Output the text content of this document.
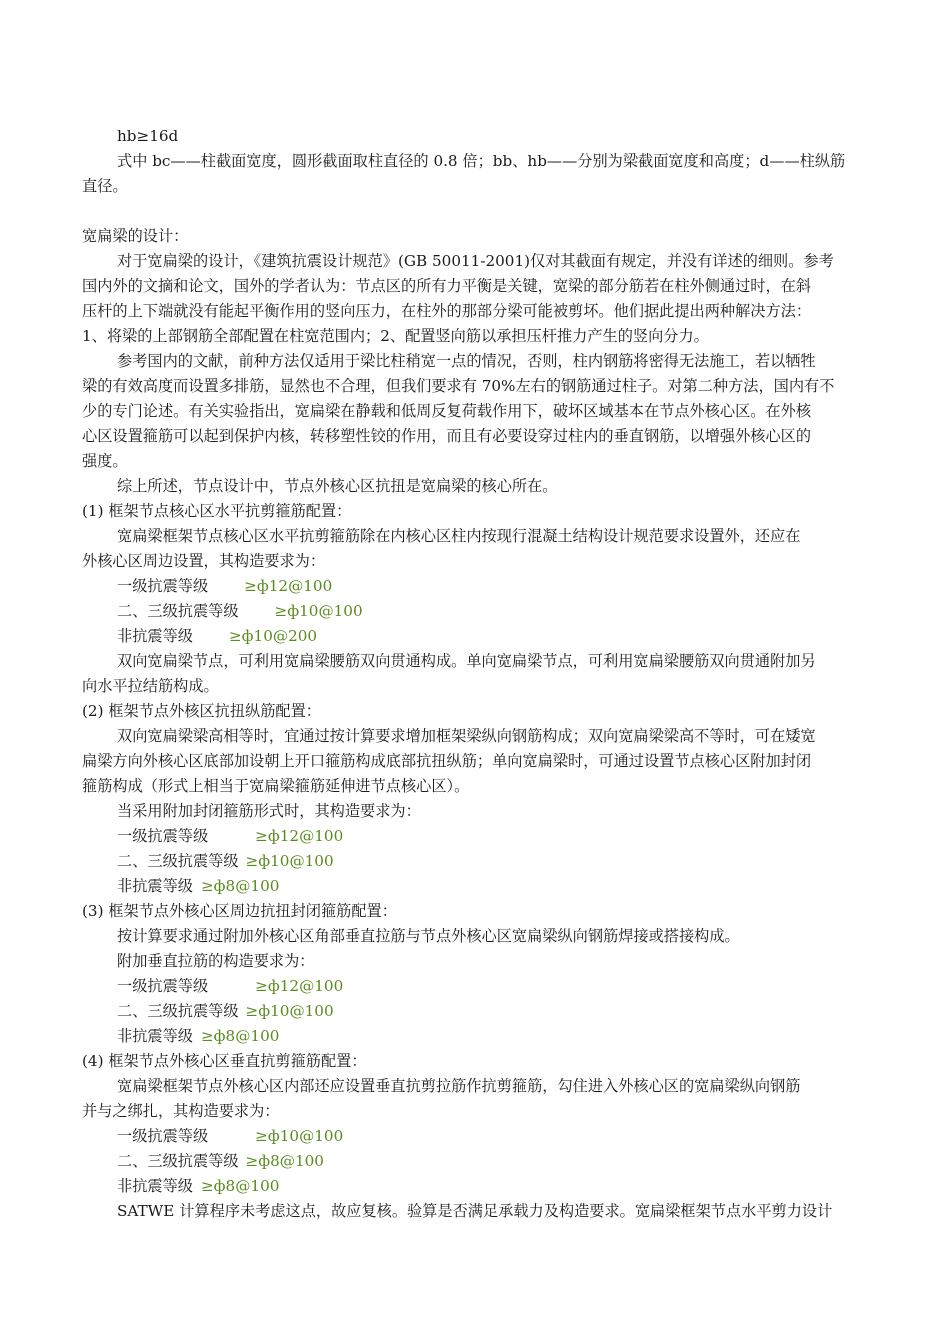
hb≥16d
式中 bc——柱截面宽度，圆形截面取柱直径的 0.8 倍；bb、hb——分别为梁截面宽度和高度；d——柱纵筋
直径。
宽扁梁的设计：
对于宽扁梁的设计，《建筑抗震设计规范》(GB 50011-2001)仅对其截面有规定，并没有详述的细则。参考
国内外的文摘和论文，国外的学者认为：节点区的所有力平衡是关键，宽梁的部分筋若在柱外侧通过时，在斜
压杆的上下端就没有能起平衡作用的竖向压力，在柱外的那部分梁可能被剪坏。他们据此提出两种解决方法：
1、将梁的上部钢筋全部配置在柱宽范围内；2、配置竖向筋以承担压杆推力产生的竖向分力。
参考国内的文献，前种方法仅适用于梁比柱稍宽一点的情况，否则，柱内钢筋将密得无法施工，若以牺牲
梁的有效高度而设置多排筋，显然也不合理，但我们要求有 70%左右的钢筋通过柱子。对第二种方法，国内有不
少的专门论述。有关实验指出，宽扁梁在静载和低周反复荷载作用下，破坏区域基本在节点外核心区。在外核
心区设置箍筋可以起到保护内核，转移塑性铰的作用，而且有必要设穿过柱内的垂直钢筋，以增强外核心区的
强度。
综上所述，节点设计中，节点外核心区抗扭是宽扁梁的核心所在。
(1) 框架节点核心区水平抗剪箍筋配置：
宽扁梁框架节点核心区水平抗剪箍筋除在内核心区柱内按现行混凝土结构设计规范要求设置外，还应在
外核心区周边设置，其构造要求为：
一级抗震等级 ≥ф12@100
二、三级抗震等级 ≥ф10@100
非抗震等级 ≥ф10@200
双向宽扁梁节点，可利用宽扁梁腰筋双向贯通构成。单向宽扁梁节点，可利用宽扁梁腰筋双向贯通附加另
向水平拉结筋构成。
(2) 框架节点外核区抗扭纵筋配置：
双向宽扁梁梁高相等时，宜通过按计算要求增加框架梁纵向钢筋构成；双向宽扁梁梁高不等时，可在矮宽
扁梁方向外核心区底部加设朝上开口箍筋构成底部抗扭纵筋；单向宽扁梁时，可通过设置节点核心区附加封闭
箍筋构成（形式上相当于宽扁梁箍筋延伸进节点核心区）。
当采用附加封闭箍筋形式时，其构造要求为：
一级抗震等级	≥ф12@100
二、三级抗震等级 ≥ф10@100
非抗震等级 ≥ф8@100
(3) 框架节点外核心区周边抗扭封闭箍筋配置：
按计算要求通过附加外核心区角部垂直拉筋与节点外核心区宽扁梁纵向钢筋焊接或搭接构成。
附加垂直拉筋的构造要求为：
一级抗震等级	≥ф12@100
二、三级抗震等级 ≥ф10@100
非抗震等级 ≥ф8@100
(4) 框架节点外核心区垂直抗剪箍筋配置：
宽扁梁框架节点外核心区内部还应设置垂直抗剪拉筋作抗剪箍筋，勾住进入外核心区的宽扁梁纵向钢筋
并与之绑扎，其构造要求为：
一级抗震等级	≥ф10@100
二、三级抗震等级 ≥ф8@100
非抗震等级 ≥ф8@100
SATWE 计算程序未考虑这点，故应复核。验算是否满足承载力及构造要求。宽扁梁框架节点水平剪力设计
